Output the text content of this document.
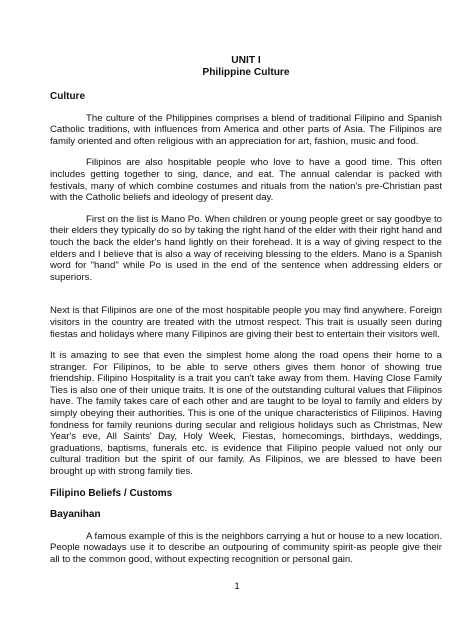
UNIT I

Philippine Culture

Culture

The culture of the Philippines comprises a blend of traditional Filipino and Spanish Catholic traditions, with influences from America and other parts of Asia. The Filipinos are family oriented and often religious with an appreciation for art, fashion, music and food.

Filipinos are also hospitable people who love to have a good time. This often includes getting together to sing, dance, and eat. The annual calendar is packed with festivals, many of which combine costumes and rituals from the nation's pre-Christian past with the Catholic beliefs and ideology of present day.

First on the list is Mano Po. When children or young people greet or say goodbye to their elders they typically do so by taking the right hand of the elder with their right hand and touch the back the elder's hand lightly on their forehead. It is a way of giving respect to the elders and I believe that is also a way of receiving blessing to the elders. Mano is a Spanish word for "hand" while Po is used in the end of the sentence when addressing elders or superiors.

Next is that Filipinos are one of the most hospitable people you may find anywhere. Foreign visitors in the country are treated with the utmost respect. This trait is usually seen during fiestas and holidays where many Filipinos are giving their best to entertain their visitors well.

It is amazing to see that even the simplest home along the road opens their home to a stranger. For Filipinos, to be able to serve others gives them honor of showing true friendship. Filipino Hospitality is a trait you can't take away from them. Having Close Family Ties is also one of their unique traits. It is one of the outstanding cultural values that Filipinos have. The family takes care of each other and are taught to be loyal to family and elders by simply obeying their authorities. This is one of the unique characteristics of Filipinos. Having fondness for family reunions during secular and religious holidays such as Christmas, New Year's eve, All Saints' Day, Holy Week, Fiestas, homecomings, birthdays, weddings, graduations, baptisms, funerals etc. is evidence that Filipino people valued not only our cultural tradition but the spirit of our family. As Filipinos, we are blessed to have been brought up with strong family ties.

Filipino Beliefs / Customs

Bayanihan

A famous example of this is the neighbors carrying a hut or house to a new location. People nowadays use it to describe an outpouring of community spirit-as people give their all to the common good, without expecting recognition or personal gain.

1
